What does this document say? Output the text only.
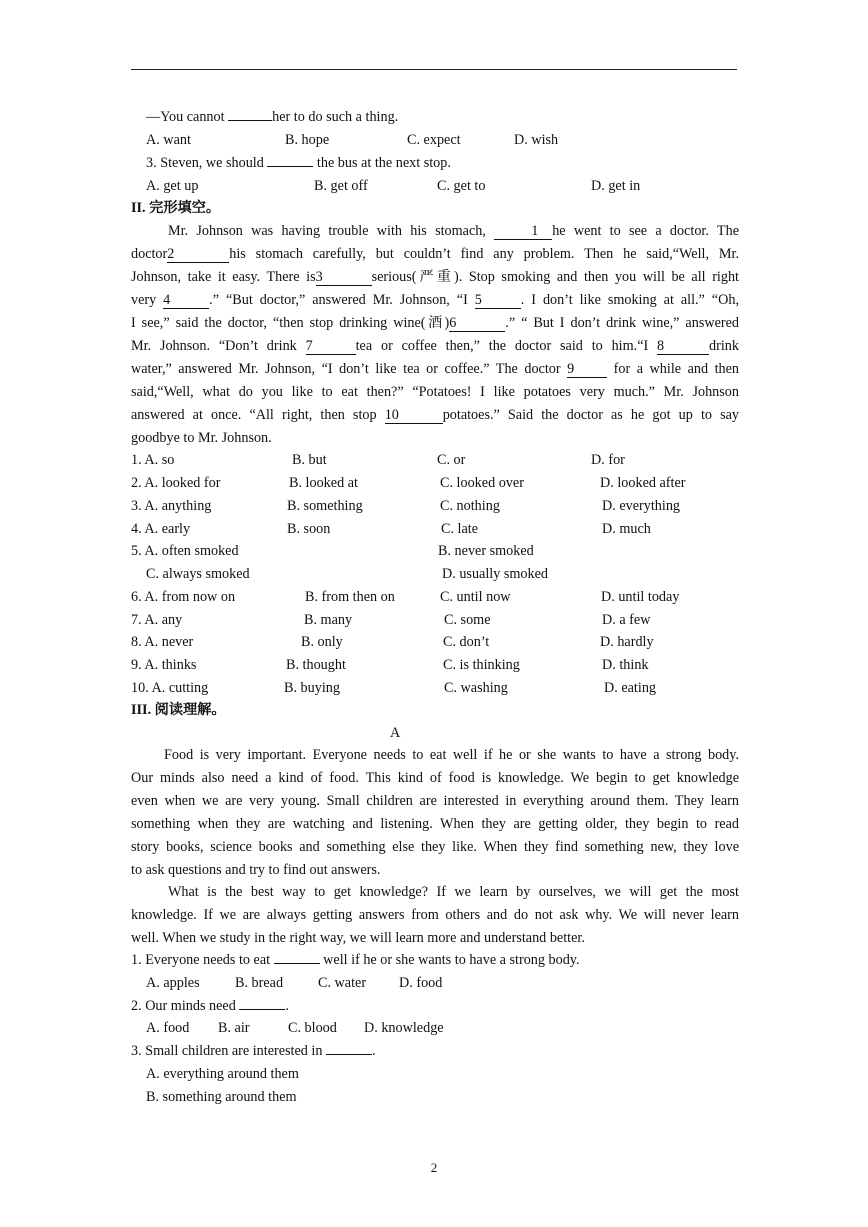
—You cannot	her to do such a thing.
A. want	B. hope	C. expect	D. wish
3. Steven, we should	the bus at the next stop.
A. get up	B. get off	C. get to	D. get in
II. 完形填空。
Mr. Johnson was having trouble with his stomach,	1 he went to see a doctor. The
doctor2	his stomach carefully, but couldn’t find any problem. Then he said,“Well, Mr.
Johnson, take it easy. There is3	serious(严重). Stop smoking and then you will be all right
very 4	.” “But doctor,” answered Mr. Johnson, “I 5	. I don’t like smoking at all.” “Oh,
I see,” said the doctor, “then stop drinking wine(酒)6	.” “ But I don’t drink wine,” answered
Mr. Johnson. “Don’t drink 7	tea or coffee then,” the doctor said to him.“I 8	drink
water,” answered Mr. Johnson, “I don’t like tea or coffee.” The doctor 9 for a while and then
said,“Well, what do you like to eat then?” “Potatoes! I like potatoes very much.” Mr. Johnson
answered at once. “All right, then stop 10	potatoes.” Said the doctor as he got up to say
goodbye to Mr. Johnson.
1. A. so	B. but	C. or	D. for
2. A. looked for	B. looked at	C. looked over	D. looked after
3. A. anything	B. something	C. nothing	D. everything
4. A. early	B. soon	C. late	D. much
5. A. often smoked	B. never smoked
C. always smoked	D. usually smoked
6. A. from now on	B. from then on	C. until now	D. until today
7. A. any	B. many	C. some	D. a few
8. A. never	B. only	C. don’t	D. hardly
9. A. thinks	B. thought	C. is thinking	D. think
10. A. cutting	B. buying	C. washing	D. eating
III. 阅读理解。
A
Food is very important. Everyone needs to eat well if he or she wants to have a strong body.
Our minds also need a kind of food. This kind of food is knowledge. We begin to get knowledge
even when we are very young. Small children are interested in everything around them. They learn
something when they are watching and listening. When they are getting older, they begin to read
story books, science books and something else they like. When they find something new, they love
to ask questions and try to find out answers.
What is the best way to get knowledge? If we learn by ourselves, we will get the most
knowledge. If we are always getting answers from others and do not ask why. We will never learn
well. When we study in the right way, we will learn more and understand better.
1. Everyone needs to eat	well if he or she wants to have a strong body.
A. apples B. bread C. water D. food
2. Our minds need	.
A. food B. air	C. blood D. knowledge
3. Small children are interested in	.
A. everything around them
B. something around them
2
